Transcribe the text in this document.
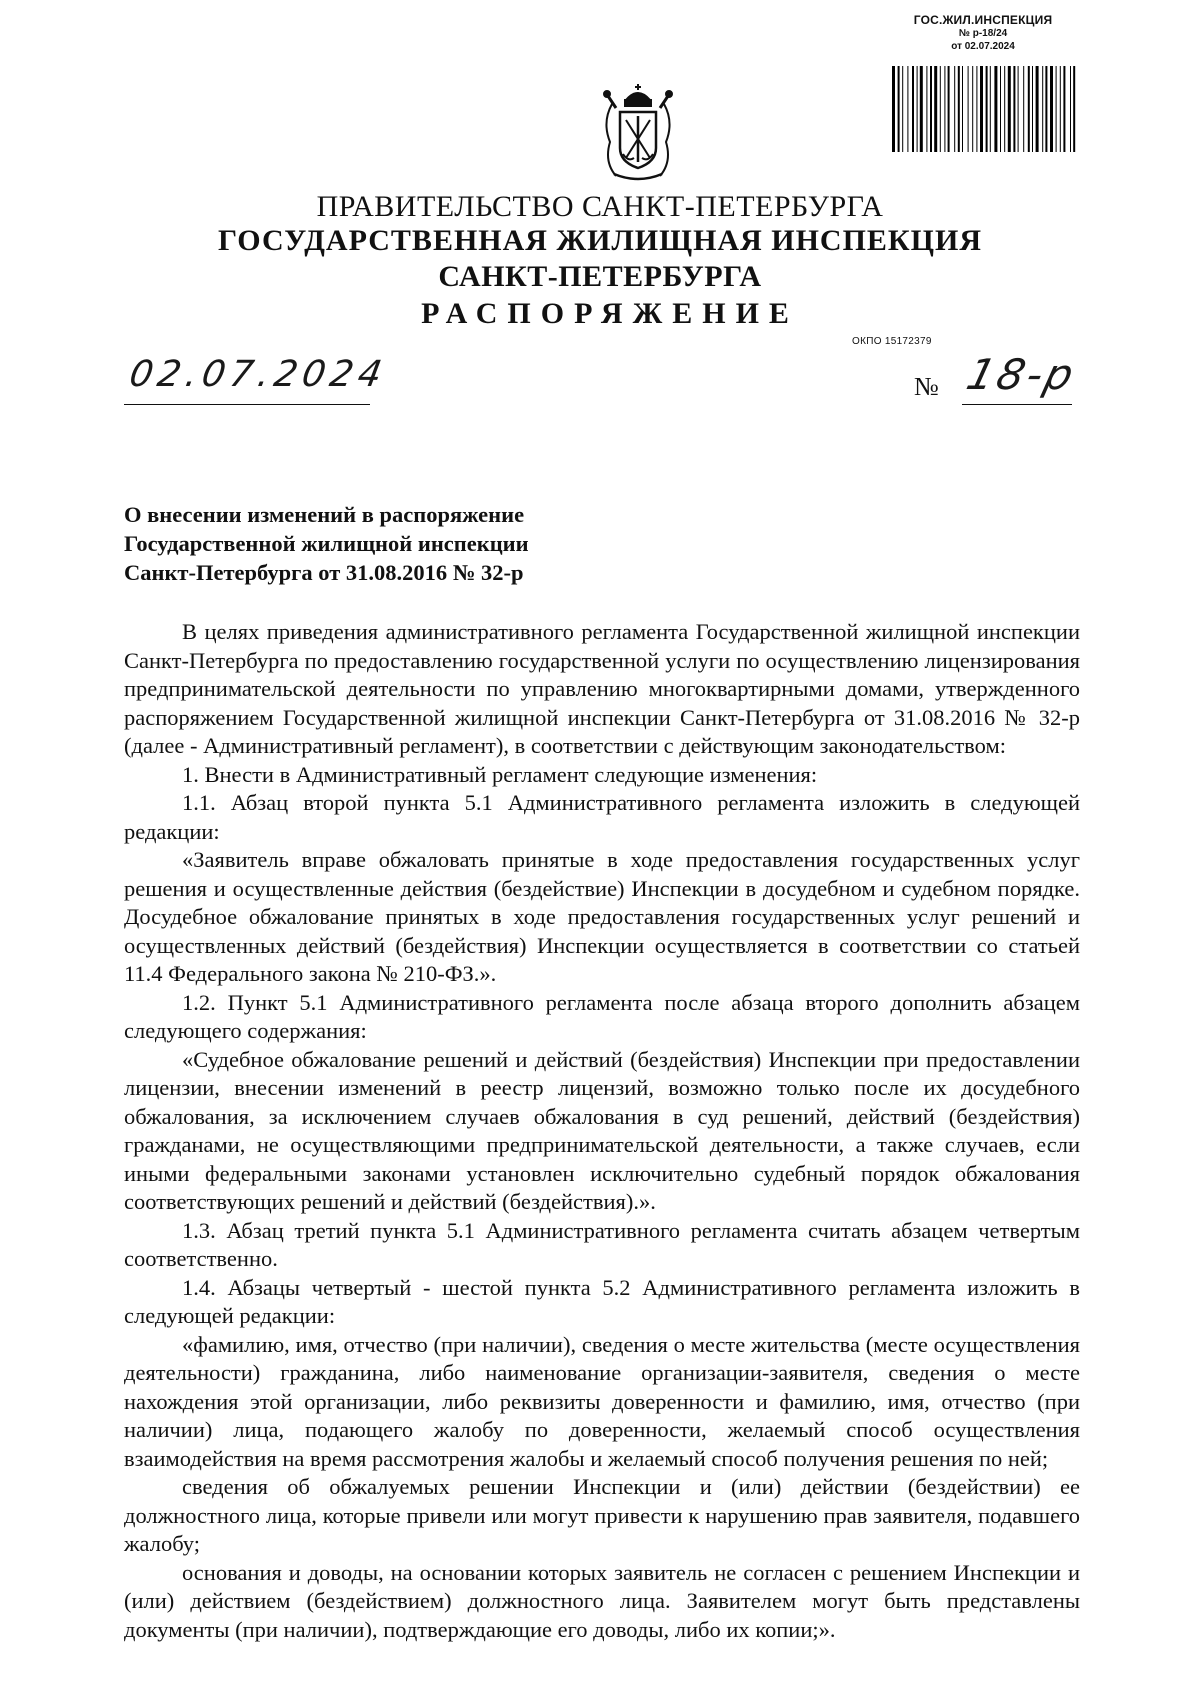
ГОС.ЖИЛ.ИНСПЕКЦИЯ
№ р-18/24
от 02.07.2024
ПРАВИТЕЛЬСТВО САНКТ-ПЕТЕРБУРГА
ГОСУДАРСТВЕННАЯ ЖИЛИЩНАЯ ИНСПЕКЦИЯ
САНКТ-ПЕТЕРБУРГА
РАСПОРЯЖЕНИЕ
ОКПО 15172379
02.07.2024	№ 18-р
О внесении изменений в распоряжение
Государственной жилищной инспекции
Санкт-Петербурга от 31.08.2016 № 32-р

В целях приведения административного регламента Государственной жилищной инспекции Санкт-Петербурга по предоставлению государственной услуги по осуществлению лицензирования предпринимательской деятельности по управлению многоквартирными домами, утвержденного распоряжением Государственной жилищной инспекции Санкт-Петербурга от 31.08.2016 № 32-р (далее - Административный регламент), в соответствии с действующим законодательством:

1. Внести в Административный регламент следующие изменения:

1.1. Абзац второй пункта 5.1 Административного регламента изложить в следующей редакции:

«Заявитель вправе обжаловать принятые в ходе предоставления государственных услуг решения и осуществленные действия (бездействие) Инспекции в досудебном и судебном порядке. Досудебное обжалование принятых в ходе предоставления государственных услуг решений и осуществленных действий (бездействия) Инспекции осуществляется в соответствии со статьей 11.4 Федерального закона № 210-ФЗ.».

1.2. Пункт 5.1 Административного регламента после абзаца второго дополнить абзацем следующего содержания:

«Судебное обжалование решений и действий (бездействия) Инспекции при предоставлении лицензии, внесении изменений в реестр лицензий, возможно только после их досудебного обжалования, за исключением случаев обжалования в суд решений, действий (бездействия) гражданами, не осуществляющими предпринимательской деятельности, а также случаев, если иными федеральными законами установлен исключительно судебный порядок обжалования соответствующих решений и действий (бездействия).».

1.3. Абзац третий пункта 5.1 Административного регламента считать абзацем четвертым соответственно.

1.4. Абзацы четвертый - шестой пункта 5.2 Административного регламента изложить в следующей редакции:

«фамилию, имя, отчество (при наличии), сведения о месте жительства (месте осуществления деятельности) гражданина, либо наименование организации-заявителя, сведения о месте нахождения этой организации, либо реквизиты доверенности и фамилию, имя, отчество (при наличии) лица, подающего жалобу по доверенности, желаемый способ осуществления взаимодействия на время рассмотрения жалобы и желаемый способ получения решения по ней;

сведения об обжалуемых решении Инспекции и (или) действии (бездействии) ее должностного лица, которые привели или могут привести к нарушению прав заявителя, подавшего жалобу;

основания и доводы, на основании которых заявитель не согласен с решением Инспекции и (или) действием (бездействием) должностного лица. Заявителем могут быть представлены документы (при наличии), подтверждающие его доводы, либо их копии;».
